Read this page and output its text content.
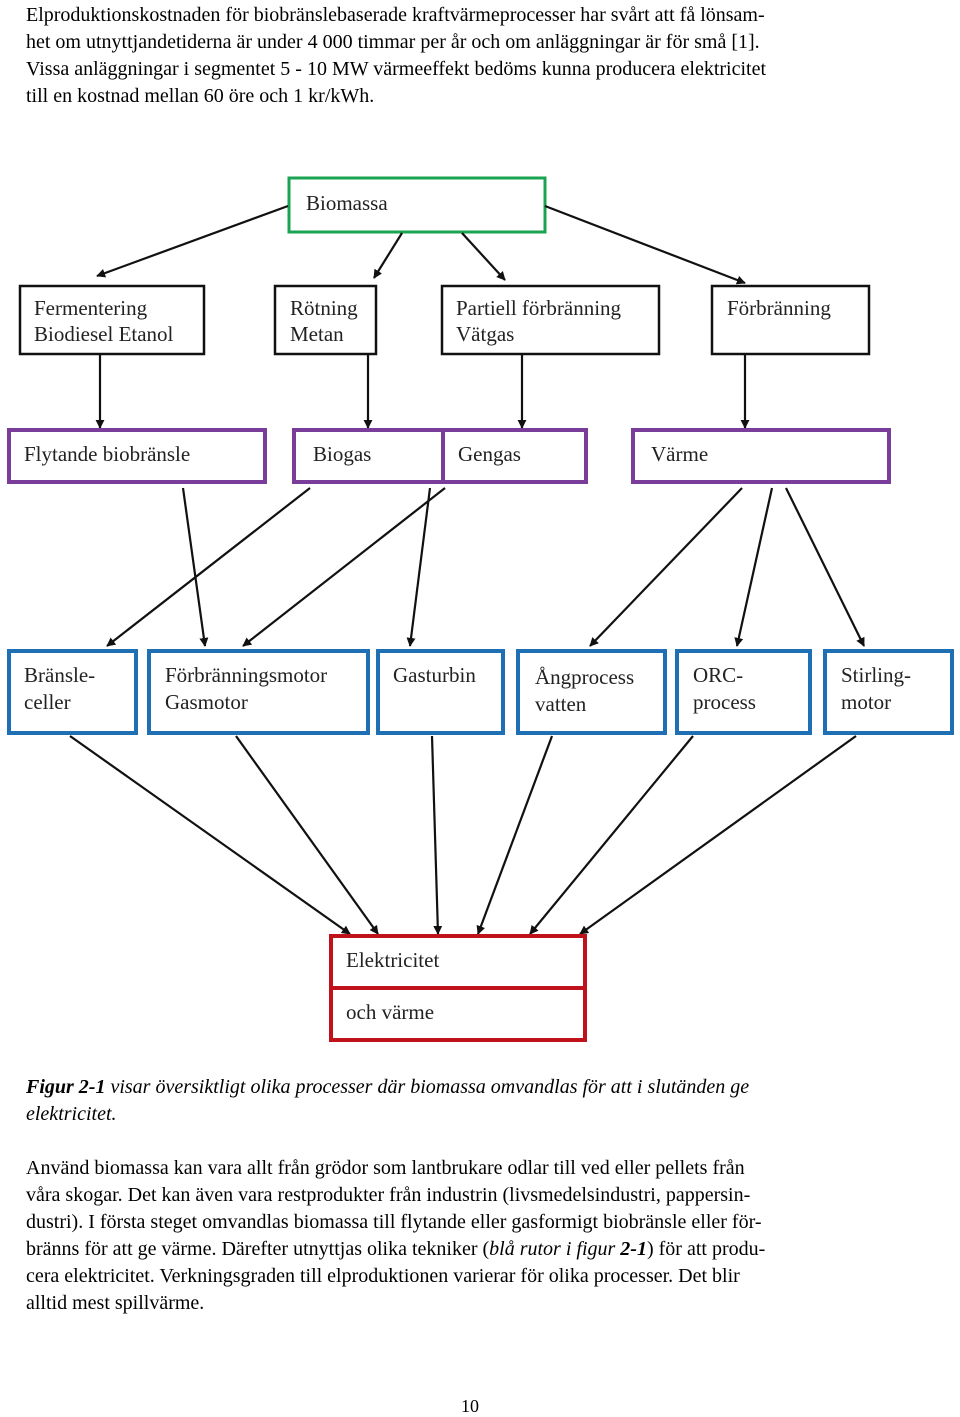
Elproduktionskostnaden för biobränslebaserade kraftvärmeprocesser har svårt att få lönsam-
het om utnyttjandetiderna är under 4 000 timmar per år och om anläggningar är för små [1].
Vissa anläggningar i segmentet 5 - 10 MW värmeeffekt bedöms kunna producera elektricitet
till en kostnad mellan 60 öre och 1 kr/kWh.
Biomassa
Fermentering
Biodiesel Etanol
Rötning
Metan
Partiell förbränning
Vätgas
Förbränning
Flytande biobränsle	Biogas	Gengas	Värme
Bränsle-
celler
Förbränningsmotor
Gasmotor
Gasturbin	Ångprocess
vatten
ORC-
process
Stirling-
motor
Elektricitet
och värme
Figur 2-1 visar översiktligt olika processer där biomassa omvandlas för att i slutänden ge
elektricitet.
Använd biomassa kan vara allt från grödor som lantbrukare odlar till ved eller pellets från
våra skogar. Det kan även vara restprodukter från industrin (livsmedelsindustri, pappersin-
dustri). I första steget omvandlas biomassa till flytande eller gasformigt biobränsle eller för-
bränns för att ge värme. Därefter utnyttjas olika tekniker (blå rutor i figur 2-1) för att produ-
cera elektricitet. Verkningsgraden till elproduktionen varierar för olika processer. Det blir
alltid mest spillvärme.
10
